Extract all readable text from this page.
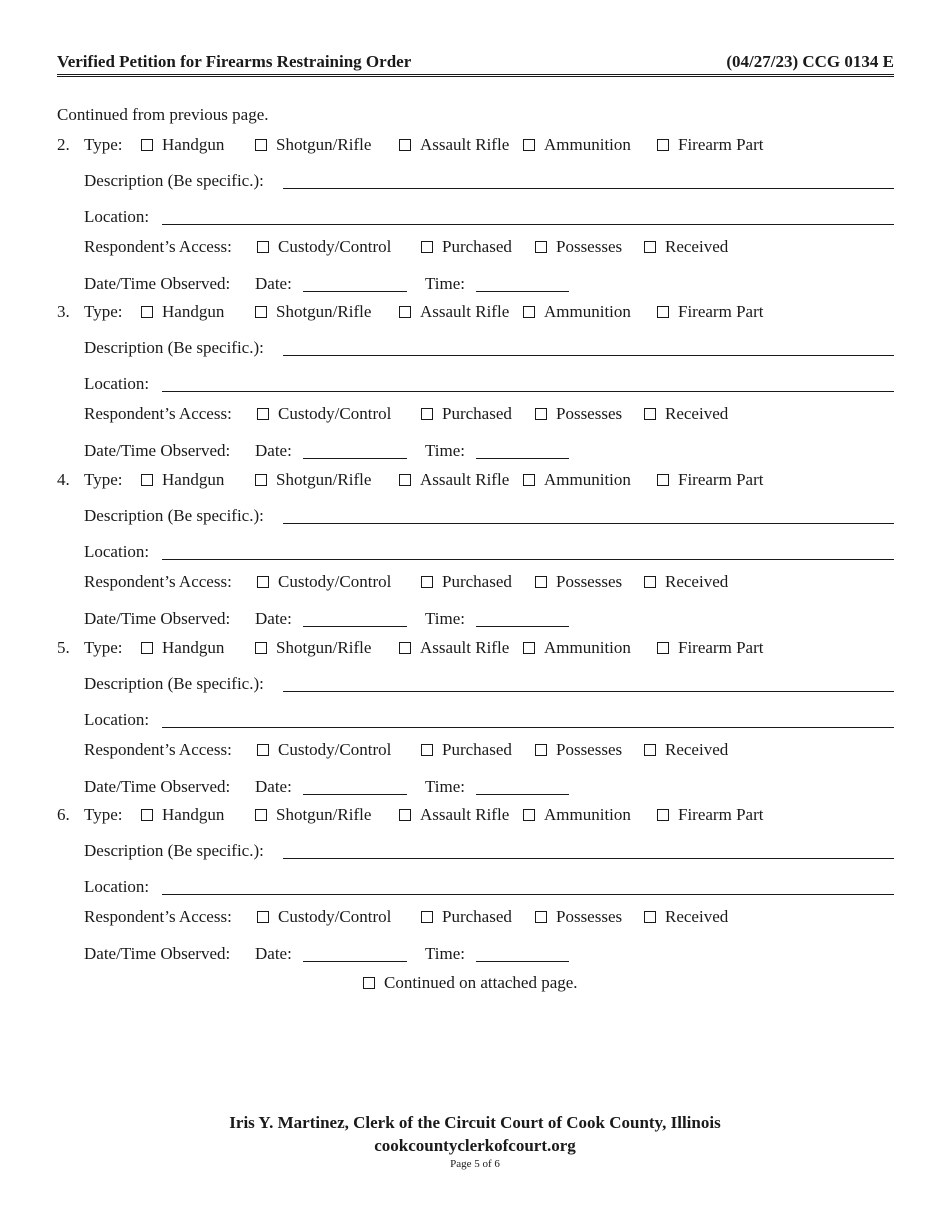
Verified Petition for Firearms Restraining Order	(04/27/23) CCG 0134 E
Continued from previous page.
2. Type: Handgun	Shotgun/Rifle	Assault Rifle Ammunition	Firearm Part
Description (Be specific.):
Location:
Respondent’s Access:	Custody/Control	Purchased	Possesses	Received
Date/Time Observed: Date:	Time:
3. Type: Handgun	Shotgun/Rifle	Assault Rifle Ammunition	Firearm Part
Description (Be specific.):
Location:
Respondent’s Access:	Custody/Control	Purchased	Possesses	Received
Date/Time Observed: Date:	Time:
4. Type: Handgun	Shotgun/Rifle	Assault Rifle Ammunition	Firearm Part
Description (Be specific.):
Location:
Respondent’s Access:	Custody/Control	Purchased	Possesses	Received
Date/Time Observed: Date:	Time:
5. Type: Handgun	Shotgun/Rifle	Assault Rifle Ammunition	Firearm Part
Description (Be specific.):
Location:
Respondent’s Access:	Custody/Control	Purchased	Possesses	Received
Date/Time Observed: Date:	Time:
6. Type: Handgun	Shotgun/Rifle	Assault Rifle Ammunition	Firearm Part
Description (Be specific.):
Location:
Respondent’s Access:	Custody/Control	Purchased	Possesses	Received
Date/Time Observed: Date:	Time:
Continued on attached page.
Iris Y. Martinez, Clerk of the Circuit Court of Cook County, Illinois
cookcountyclerkofcourt.org
Page 5 of 6
